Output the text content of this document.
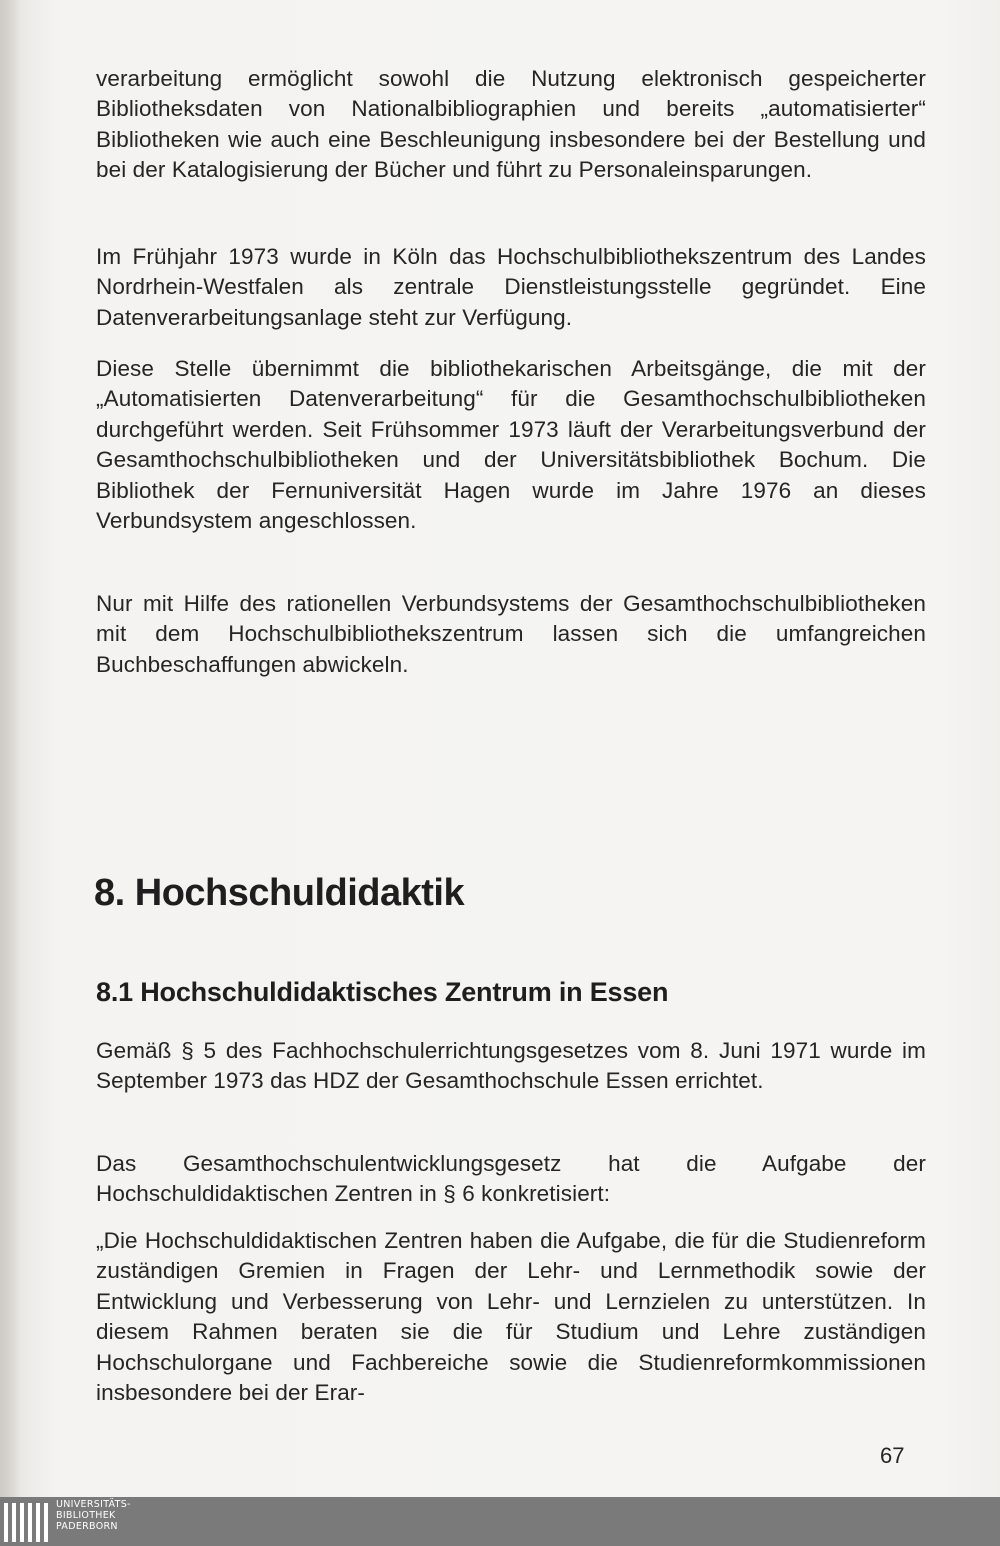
verarbeitung ermöglicht sowohl die Nutzung elektronisch gespeicherter Bibliotheksdaten von Nationalbibliographien und bereits „automatisierter“ Bibliotheken wie auch eine Beschleunigung insbesondere bei der Bestellung und bei der Katalogisierung der Bücher und führt zu Personaleinsparungen.

Im Frühjahr 1973 wurde in Köln das Hochschulbibliothekszentrum des Landes Nordrhein-Westfalen als zentrale Dienstleistungsstelle gegründet. Eine Datenverarbeitungsanlage steht zur Verfügung.

Diese Stelle übernimmt die bibliothekarischen Arbeitsgänge, die mit der „Automatisierten Datenverarbeitung“ für die Gesamthochschulbibliotheken durchgeführt werden. Seit Frühsommer 1973 läuft der Verarbeitungsverbund der Gesamthochschulbibliotheken und der Universitätsbibliothek Bochum. Die Bibliothek der Fernuniversität Hagen wurde im Jahre 1976 an dieses Verbundsystem angeschlossen.

Nur mit Hilfe des rationellen Verbundsystems der Gesamthochschulbibliotheken mit dem Hochschulbibliothekszentrum lassen sich die umfangreichen Buchbeschaffungen abwickeln.

8. Hochschuldidaktik
8.1 Hochschuldidaktisches Zentrum in Essen

Gemäß § 5 des Fachhochschulerrichtungsgesetzes vom 8. Juni 1971 wurde im September 1973 das HDZ der Gesamthochschule Essen errichtet.

Das Gesamthochschulentwicklungsgesetz hat die Aufgabe der Hochschuldidaktischen Zentren in § 6 konkretisiert:

„Die Hochschuldidaktischen Zentren haben die Aufgabe, die für die Studienreform zuständigen Gremien in Fragen der Lehr- und Lernmethodik sowie der Entwicklung und Verbesserung von Lehr- und Lernzielen zu unterstützen. In diesem Rahmen beraten sie die für Studium und Lehre zuständigen Hochschulorgane und Fachbereiche sowie die Studienreformkommissionen insbesondere bei der Erar-

67
UNIVERSITÄTS-
BIBLIOTHEK
PADERBORN
